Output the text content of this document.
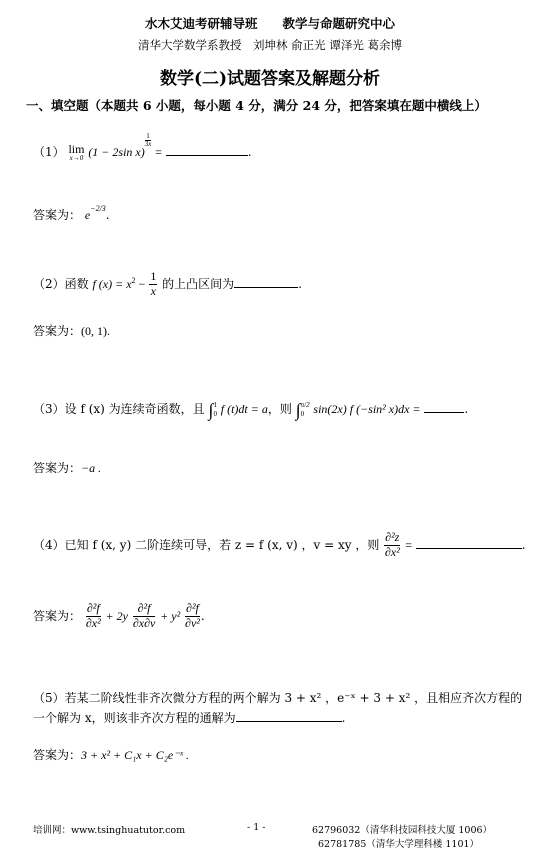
水木艾迪考研辅导班　　教学与命题研究中心
清华大学数学系教授　刘坤林 俞正光 谭泽光 葛余博
数学(二)试题答案及解题分析
一、填空题（本题共 6 小题，每小题 4 分，满分 24 分，把答案填在题中横线上）
（1） lim
x→0 (1 − 2sin x)
$\frac{1}{3x}$
=	.
答案为： $e^{-2/3}$.
（2）函数 f $(x) = x^2 - \frac{1}{x}$ 的上凸区间为	.
答案为：(0, 1).
（3）设 f (x) 为连续奇函数，且 ∫ 1
0 f (t)dt = a，则 ∫ π/2
0 sin(2x) f (−sin² x)dx =	.
答案为：−a .
（4）已知 f (x, y) 二阶连续可导，若 z = f (x, v) ，v = xy ，则 $\frac{\text{∂²z}}{\text{∂x²}}$ =	.
答案为： $\frac{\text{∂²f}}{\text{∂x²}} + 2y \frac{\text{∂²f}}{\partial x\partial v} + y^2 \frac{\text{∂²f}}{\text{∂v²}}$ .
（5）若某二阶线性非齐次微分方程的两个解为 3 + x² ，e⁻ˣ + 3 + x² ，且相应齐次方程的
一个解为 x，则该非齐次方程的通解为	.
答案为：3 + x² + C₁x + C₂e⁻ˣ .
培训网：www.tsinghuatutor.com	- 1 -	62796032（清华科技园科技大厦 1006）
62781785（清华大学理科楼 1101）
